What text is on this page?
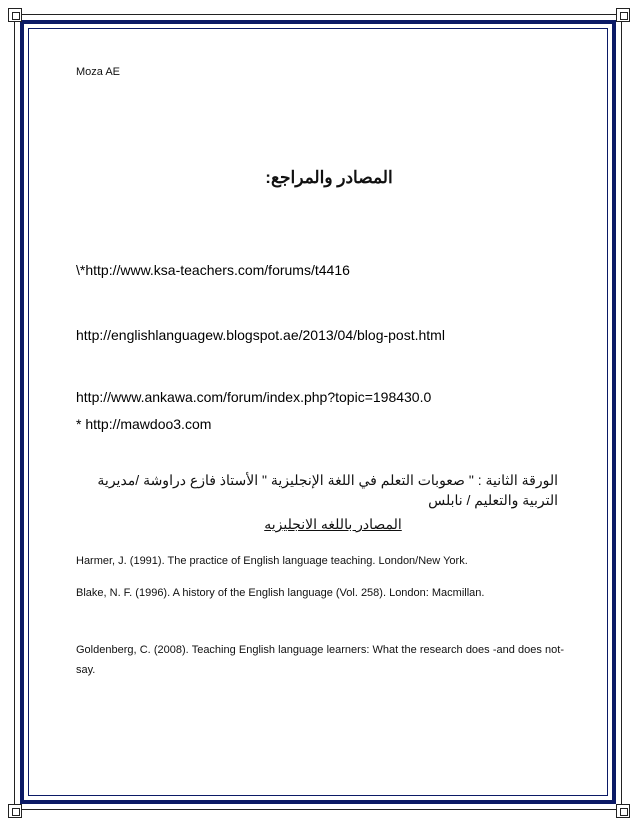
Moza AE
المصادر والمراجع:
\*http://www.ksa-teachers.com/forums/t4416
http://englishlanguagew.blogspot.ae/2013/04/blog-post.html
http://www.ankawa.com/forum/index.php?topic=198430.0
* http://mawdoo3.com
الورقة الثانية : " صعوبات التعلم في اللغة الإنجليزية " الأستاذ فازع دراوشة /مديرية التربية والتعليم / نابلس
المصادر باللغه الانجليزيه
Harmer, J. (1991). The practice of English language teaching. London/New York.
Blake, N. F. (1996). A history of the English language (Vol. 258). London: Macmillan.
Goldenberg, C. (2008). Teaching English language learners: What the research does -and does not-say.
